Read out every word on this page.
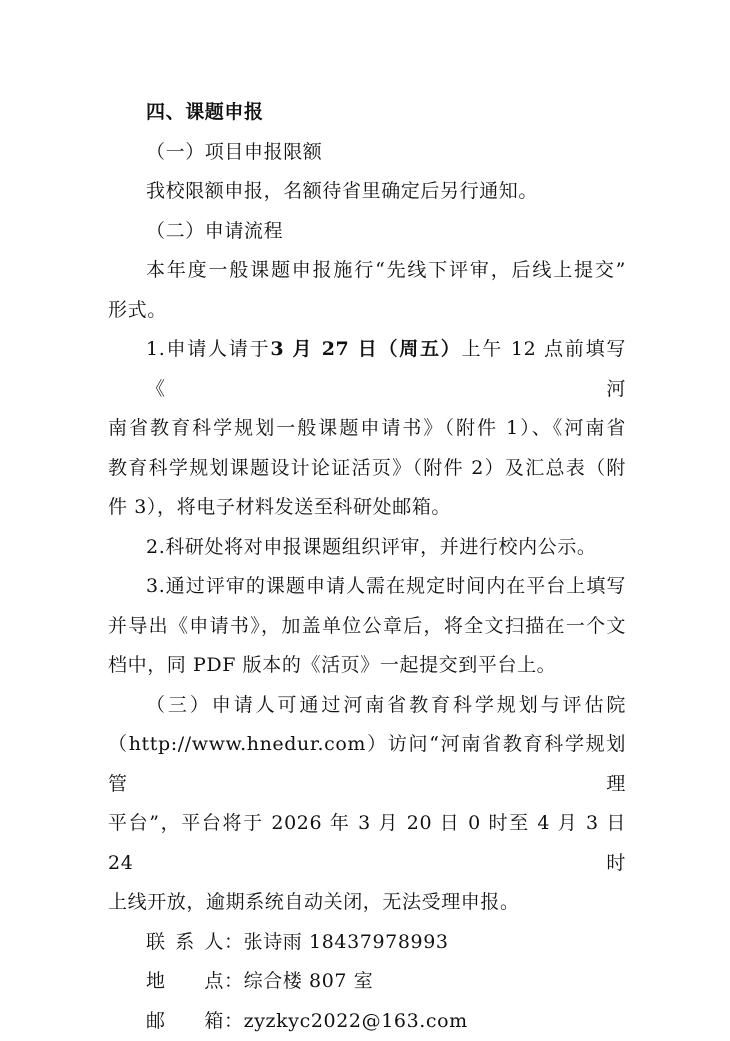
四、课题申报
（一）项目申报限额
我校限额申报，名额待省里确定后另行通知。
（二）申请流程
本年度一般课题申报施行“先线下评审，后线上提交”
形式。
1.申请人请于3 月 27 日（周五）上午 12 点前填写《河
南省教育科学规划一般课题申请书》（附件 1）、《河南省
教育科学规划课题设计论证活页》（附件 2）及汇总表（附
件 3），将电子材料发送至科研处邮箱。
2.科研处将对申报课题组织评审，并进行校内公示。
3.通过评审的课题申请人需在规定时间内在平台上填写
并导出《申请书》，加盖单位公章后，将全文扫描在一个文
档中，同 PDF 版本的《活页》一起提交到平台上。
（三）申请人可通过河南省教育科学规划与评估院
（http://www.hnedur.com）访问“河南省教育科学规划管理
平台”，平台将于 2026 年 3 月 20 日 0 时至 4 月 3 日 24 时
上线开放，逾期系统自动关闭，无法受理申报。
联系人：张诗雨 18437978993
地点：综合楼 807 室
邮箱：zyzkyc2022@163.com
